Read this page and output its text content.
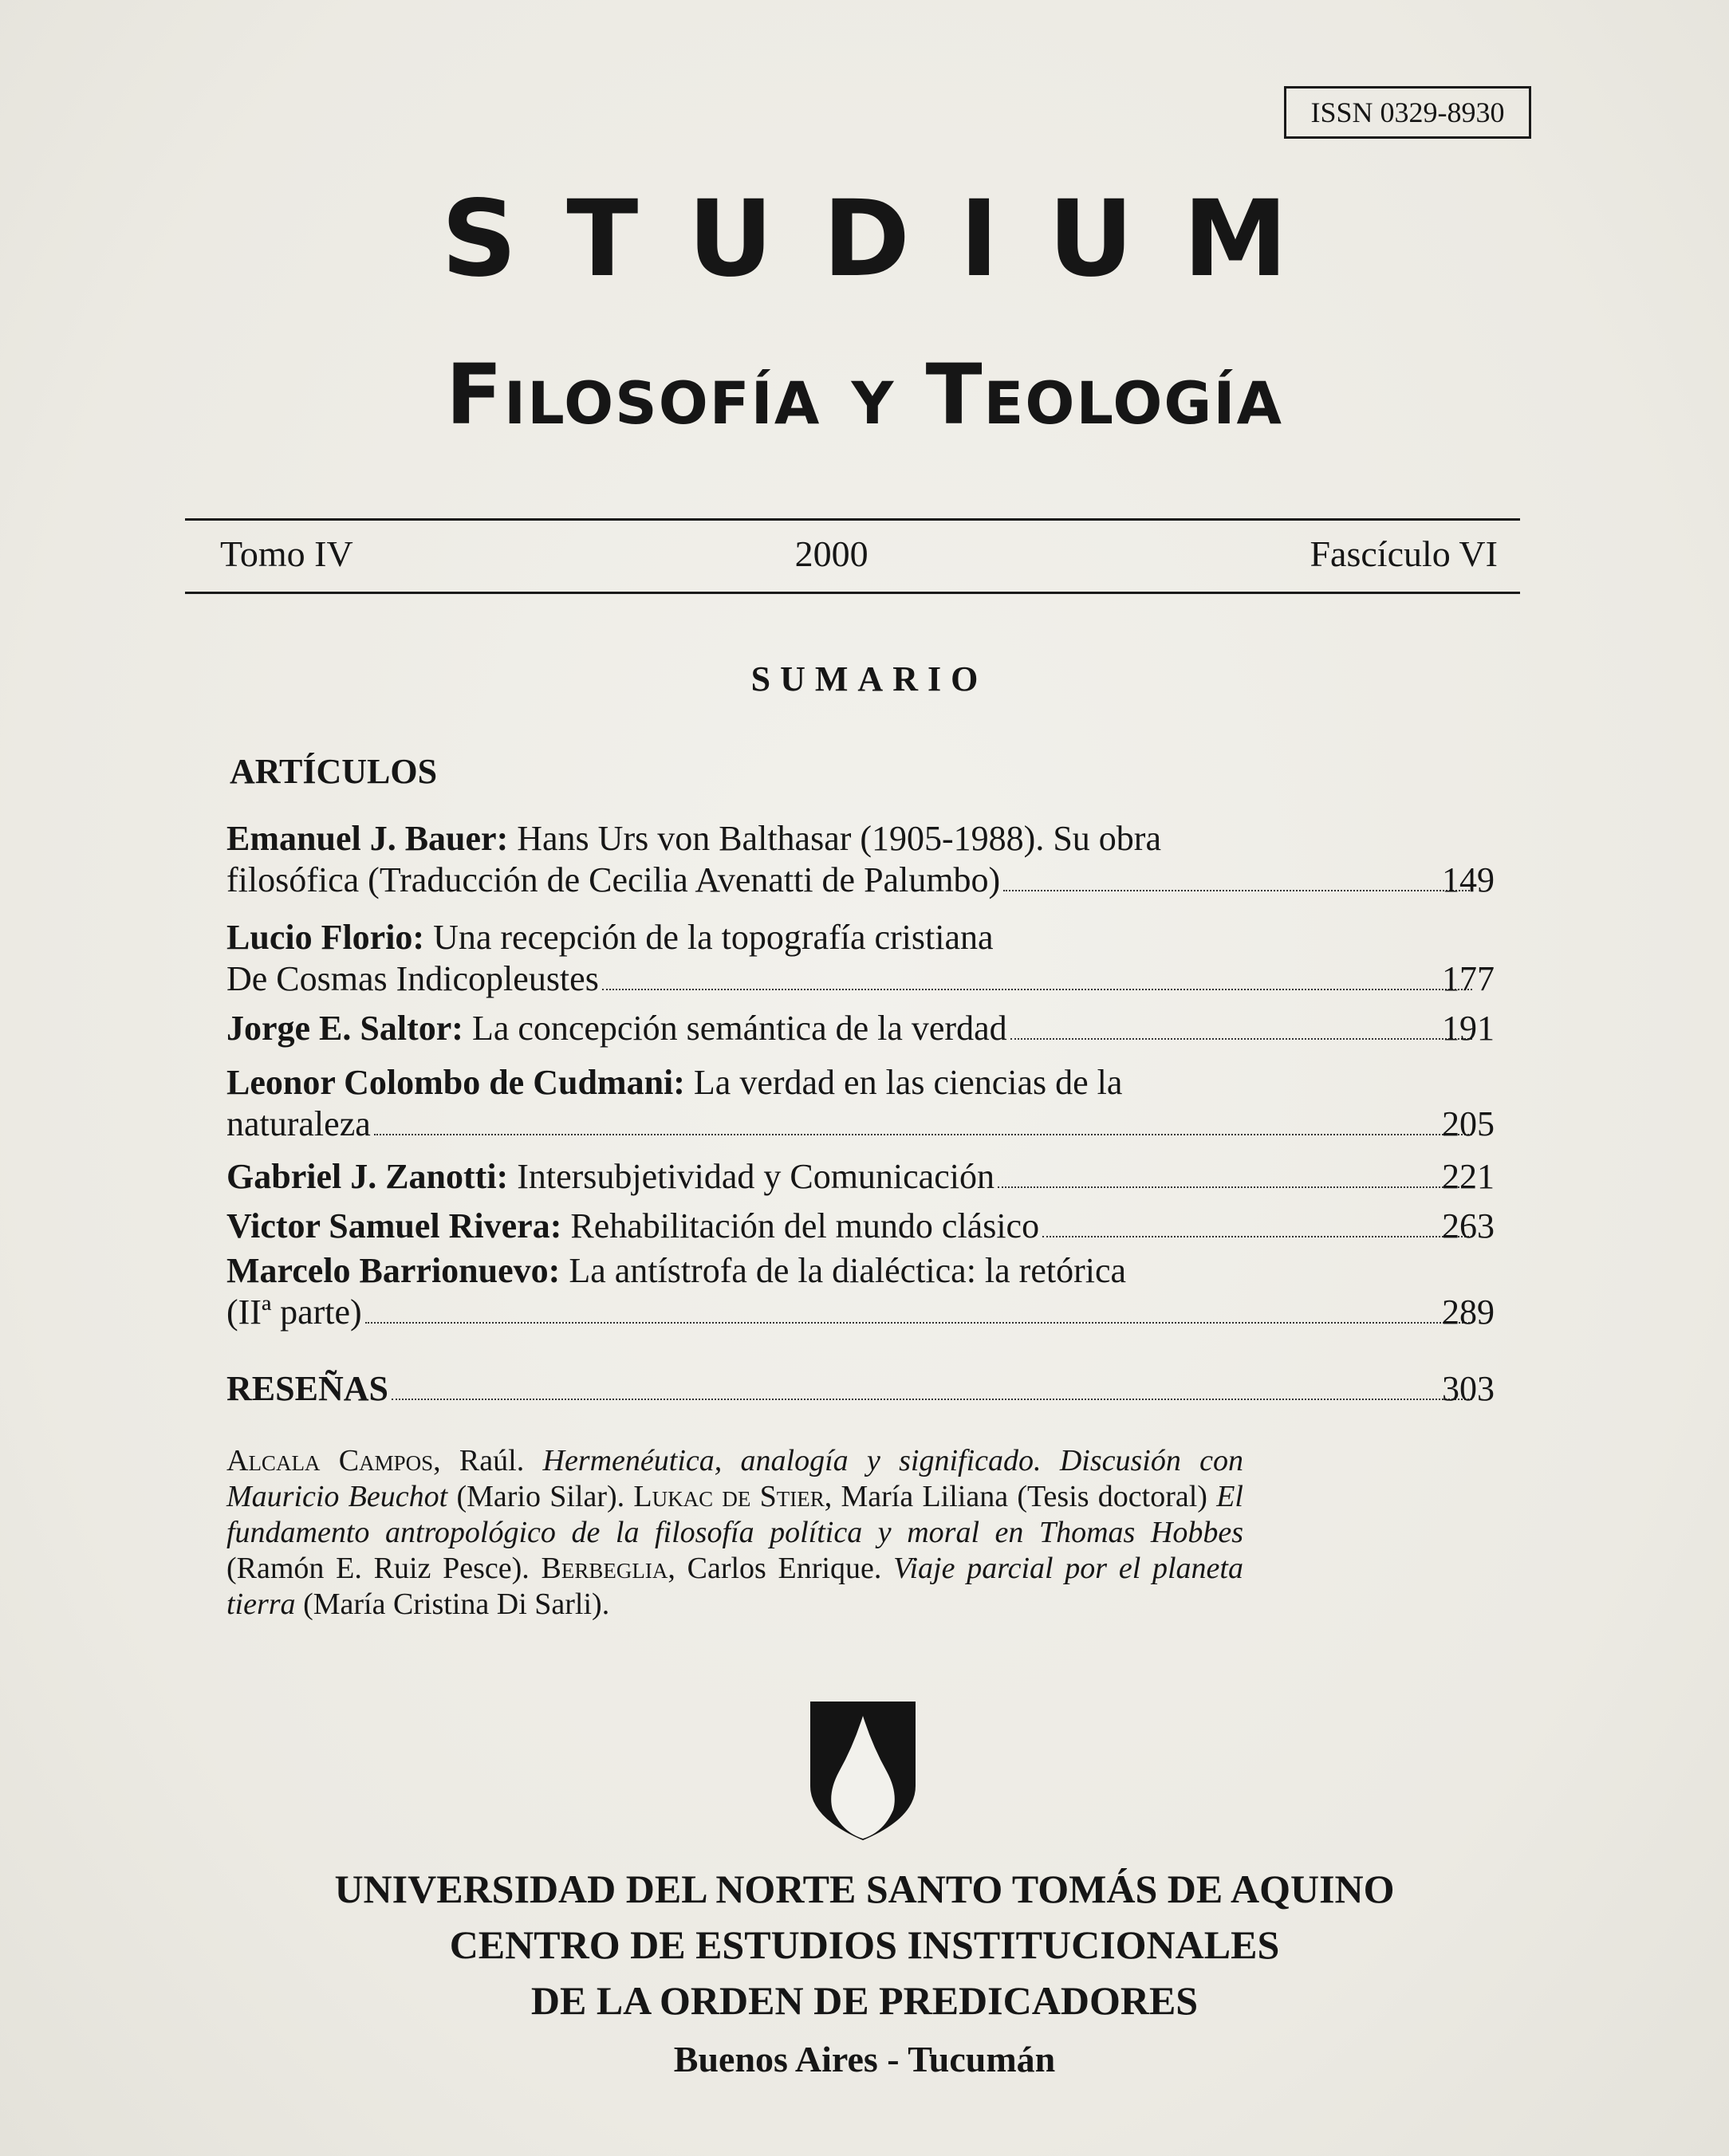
ISSN 0329-8930
STUDIUM
Filosofía y Teología
Tomo IV	2000	Fascículo VI
SUMARIO
ARTÍCULOS
Emanuel J. Bauer: Hans Urs von Balthasar (1905-1988). Su obra
filosófica (Traducción de Cecilia Avenatti de Palumbo)	149
Lucio Florio: Una recepción de la topografía cristiana
De Cosmas Indicopleustes	177
Jorge E. Saltor: La concepción semántica de la verdad	191
Leonor Colombo de Cudmani: La verdad en las ciencias de la
naturaleza	205
Gabriel J. Zanotti: Intersubjetividad y Comunicación	221
Victor Samuel Rivera: Rehabilitación del mundo clásico	263
Marcelo Barrionuevo: La antístrofa de la dialéctica: la retórica
(IIª parte)	289
RESEÑAS	303
Alcala Campos, Raúl. Hermenéutica, analogía y significado. Discusión con Mauricio Beuchot (Mario Silar). Lukac de Stier, María Liliana (Tesis doctoral) El fundamento antropológico de la filosofía política y moral en Thomas Hobbes (Ramón E. Ruiz Pesce). Berbeglia, Carlos Enrique. Viaje parcial por el planeta tierra (María Cristina Di Sarli).
UNIVERSIDAD DEL NORTE SANTO TOMÁS DE AQUINO
CENTRO DE ESTUDIOS INSTITUCIONALES
DE LA ORDEN DE PREDICADORES
Buenos Aires - Tucumán
